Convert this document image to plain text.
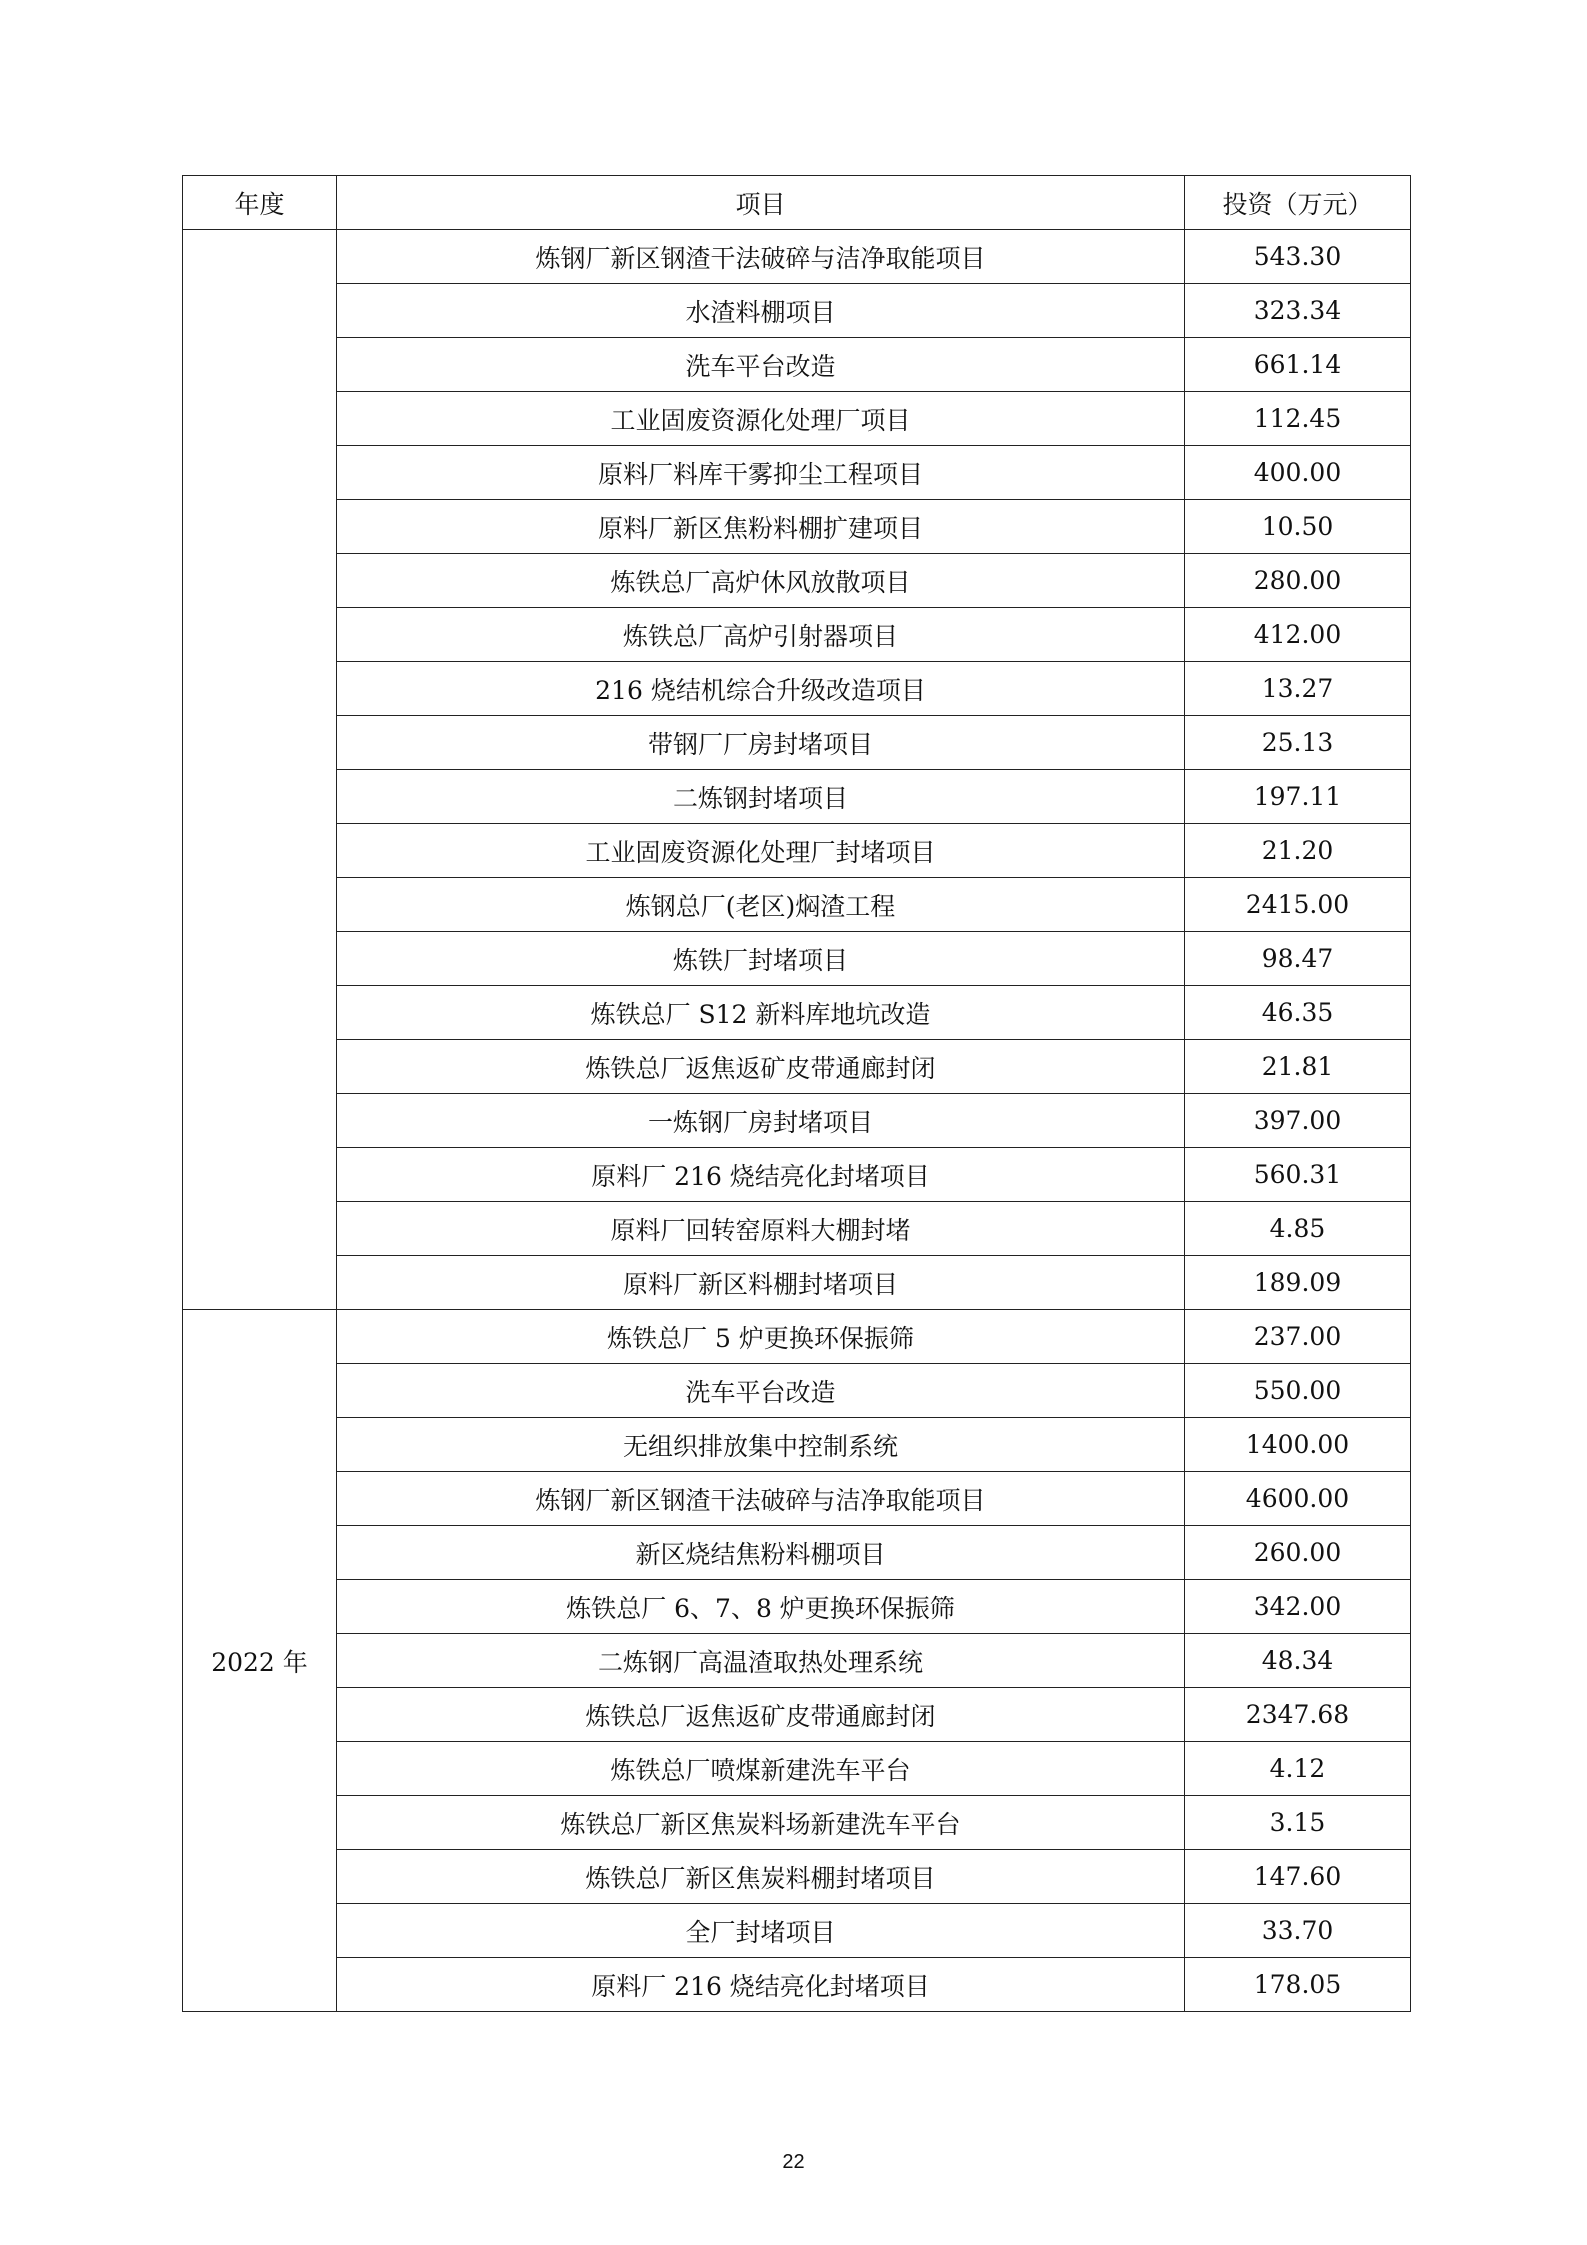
年度	项目	投资（万元）
	炼钢厂新区钢渣干法破碎与洁净取能项目	543.30
	水渣料棚项目	323.34
	洗车平台改造	661.14
	工业固废资源化处理厂项目	112.45
	原料厂料库干雾抑尘工程项目	400.00
	原料厂新区焦粉料棚扩建项目	10.50
	炼铁总厂高炉休风放散项目	280.00
	炼铁总厂高炉引射器项目	412.00
	216 烧结机综合升级改造项目	13.27
	带钢厂厂房封堵项目	25.13
	二炼钢封堵项目	197.11
	工业固废资源化处理厂封堵项目	21.20
	炼钢总厂(老区)焖渣工程	2415.00
	炼铁厂封堵项目	98.47
	炼铁总厂 S12 新料库地坑改造	46.35
	炼铁总厂返焦返矿皮带通廊封闭	21.81
	一炼钢厂房封堵项目	397.00
	原料厂 216 烧结亮化封堵项目	560.31
	原料厂回转窑原料大棚封堵	4.85
	原料厂新区料棚封堵项目	189.09
2022 年	炼铁总厂 5 炉更换环保振筛	237.00
	洗车平台改造	550.00
	无组织排放集中控制系统	1400.00
	炼钢厂新区钢渣干法破碎与洁净取能项目	4600.00
	新区烧结焦粉料棚项目	260.00
	炼铁总厂 6、7、8 炉更换环保振筛	342.00
	二炼钢厂高温渣取热处理系统	48.34
	炼铁总厂返焦返矿皮带通廊封闭	2347.68
	炼铁总厂喷煤新建洗车平台	4.12
	炼铁总厂新区焦炭料场新建洗车平台	3.15
	炼铁总厂新区焦炭料棚封堵项目	147.60
	全厂封堵项目	33.70
	原料厂 216 烧结亮化封堵项目	178.05
22
